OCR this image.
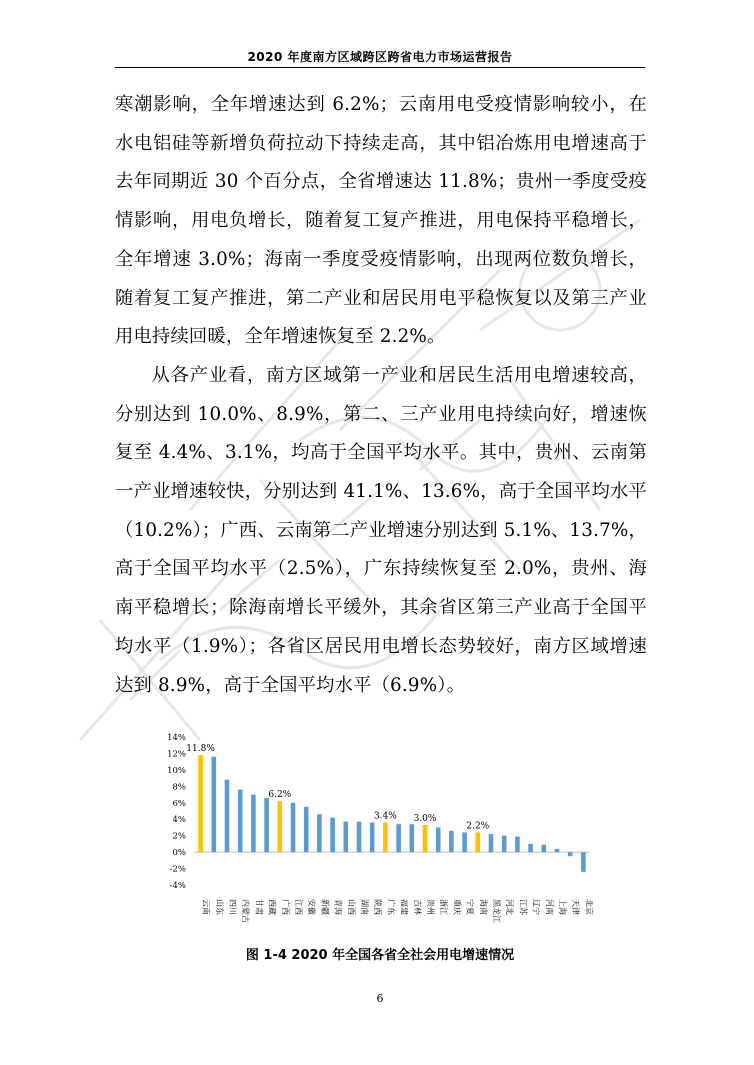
2020 年度南方区域跨区跨省电力市场运营报告

寒潮影响，全年增速达到 6.2%；云南用电受疫情影响较小，在水电铝硅等新增负荷拉动下持续走高，其中铝冶炼用电增速高于去年同期近 30 个百分点，全省增速达 11.8%；贵州一季度受疫情影响，用电负增长，随着复工复产推进，用电保持平稳增长，全年增速 3.0%；海南一季度受疫情影响，出现两位数负增长，随着复工复产推进，第二产业和居民用电平稳恢复以及第三产业用电持续回暖，全年增速恢复至 2.2%。

从各产业看，南方区域第一产业和居民生活用电增速较高，分别达到 10.0%、8.9%，第二、三产业用电持续向好，增速恢复至 4.4%、3.1%，均高于全国平均水平。其中，贵州、云南第一产业增速较快，分别达到 41.1%、13.6%，高于全国平均水平（10.2%）；广西、云南第二产业增速分别达到 5.1%、13.7%，高于全国平均水平（2.5%），广东持续恢复至 2.0%，贵州、海南平稳增长；除海南增长平缓外，其余省区第三产业高于全国平均水平（1.9%）；各省区居民用电增长态势较好，南方区域增速达到 8.9%，高于全国平均水平（6.9%）。

-4%
-2%
0%
2%
4%
6%
8%
10%
12%
14%
云南 山东 四川 内蒙古 甘肃 西藏 广西 江西 安徽 新疆 青海 山西 湖南 陕西 广东 福建 吉林 贵州 浙江 重庆 宁夏 海南 黑龙江 河北 江苏 辽宁 河南 上海 天津 北京
11.8%
6.2%
3.4% 3.0%
2.2%
图 1-4 2020 年全国各省全社会用电增速情况
6
